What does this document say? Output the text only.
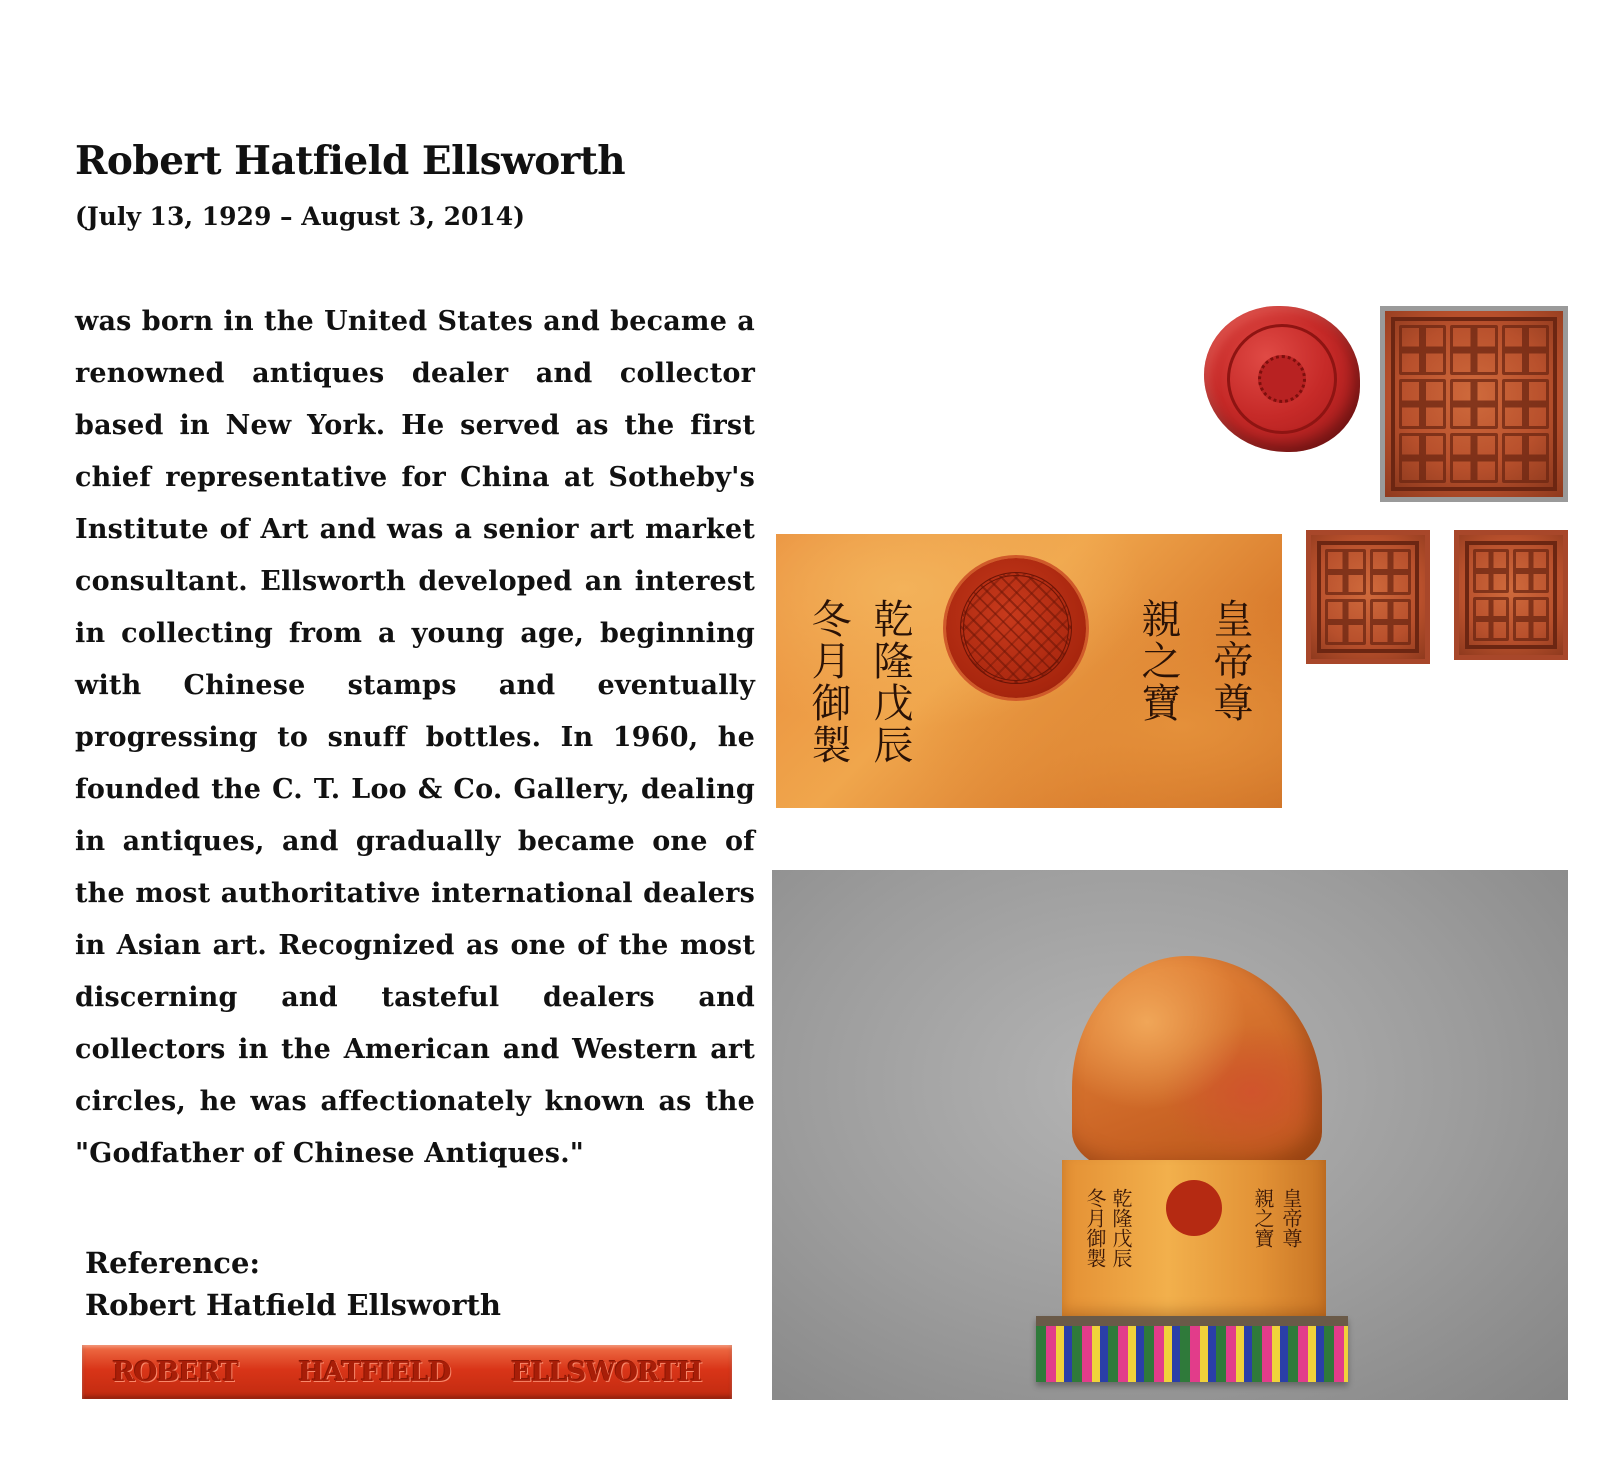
Robert Hatfield Ellsworth
(July 13, 1929 – August 3, 2014)

was born in the United States and became a renowned antiques dealer and collector based in New York. He served as the first chief representative for China at Sotheby's Institute of Art and was a senior art market consultant. Ellsworth developed an interest in collecting from a young age, beginning with Chinese stamps and eventually progressing to snuff bottles. In 1960, he founded the C. T. Loo & Co. Gallery, dealing in antiques, and gradually became one of the most authoritative international dealers in Asian art. Recognized as one of the most discerning and tasteful dealers and collectors in the American and Western art circles, he was affectionately known as the "Godfather of Chinese Antiques."

Reference:
Robert Hatfield Ellsworth
ROBERT HATFIELD ELLSWORTH
冬月御製 乾隆戊辰	親之寶 皇帝尊
冬月御製 乾隆戊辰	親之寶 皇帝尊
